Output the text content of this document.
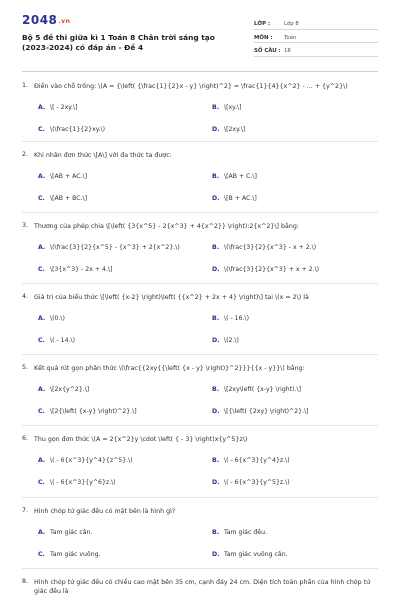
2048.vn
Bộ 5 đề thi giữa kì 1 Toán 8 Chân trời sáng tạo (2023-2024) có đáp án - Đề 4
LỚP :	Lớp 8
MÔN :	Toán
SỐ CÂU : 18
1. Điền vào chỗ trống: \(A = {\left( {\frac{1}{2}x - y} \right)^2} = \frac{1}{4}{x^2} - ... + {y^2}\)
A. \[ - 2xy.\]	B. \[xy.\]
C. \(\frac{1}{2}xy.\)	D. \[2xy.\]
2. Khi nhân đơn thức \[A\] với đa thức ta được:
A. \[AB + AC.\]	B. \[AB + C.\]
C. \[AB + BC.\]	D. \[B + AC.\]
3. Thương của phép chia \[\left( {3{x^5} - 2{x^3} + 4{x^2}} \right):2{x^2}\] bằng:
A. \(\frac{3}{2}{x^5} - {x^3} + 2{x^2}.\)	B. \(\frac{3}{2}{x^3} - x + 2.\)
C. \[3{x^3} - 2x + 4.\]	D. \(\frac{3}{2}{x^3} + x + 2.\)
4. Giá trị của biểu thức \[\left( {x-2} \right)\left( {{x^2} + 2x + 4} \right)\] tại \(x = 2\) là
A. \(0.\)	B. \( - 16.\)
C. \( - 14.\)	D. \(2.\)
5. Kết quả rút gọn phân thức \(\frac{{2xy{{\left( {x - y} \right)}^2}}}{{x - y}}\) bằng:
A. \[2x{y^2}.\]	B. \[2xy\left( {x-y} \right).\]
C. \[2{\left( {x-y} \right)^2}.\]	D. \[{\left( {2xy} \right)^2}.\]
6. Thu gọn đơn thức \(A = 2{x^2}y \cdot \left( { - 3} \right)x{y^5}z\)
A. \( - 6{x^3}{y^4}{z^5}.\)	B. \( - 6{x^3}{y^4}z.\)
C. \( - 6{x^3}{y^6}z.\)	D. \( - 6{x^3}{y^5}z.\)
7. Hình chóp tứ giác đều có mặt bên là hình gì?
A. Tam giác cân.	B. Tam giác đều.
C. Tam giác vuông.	D. Tam giác vuông cân.
8. Hình chóp tứ giác đều có chiều cao mặt bên 35 cm, cạnh đáy 24 cm. Diện tích toàn phần của hình chóp tứ giác đều là
